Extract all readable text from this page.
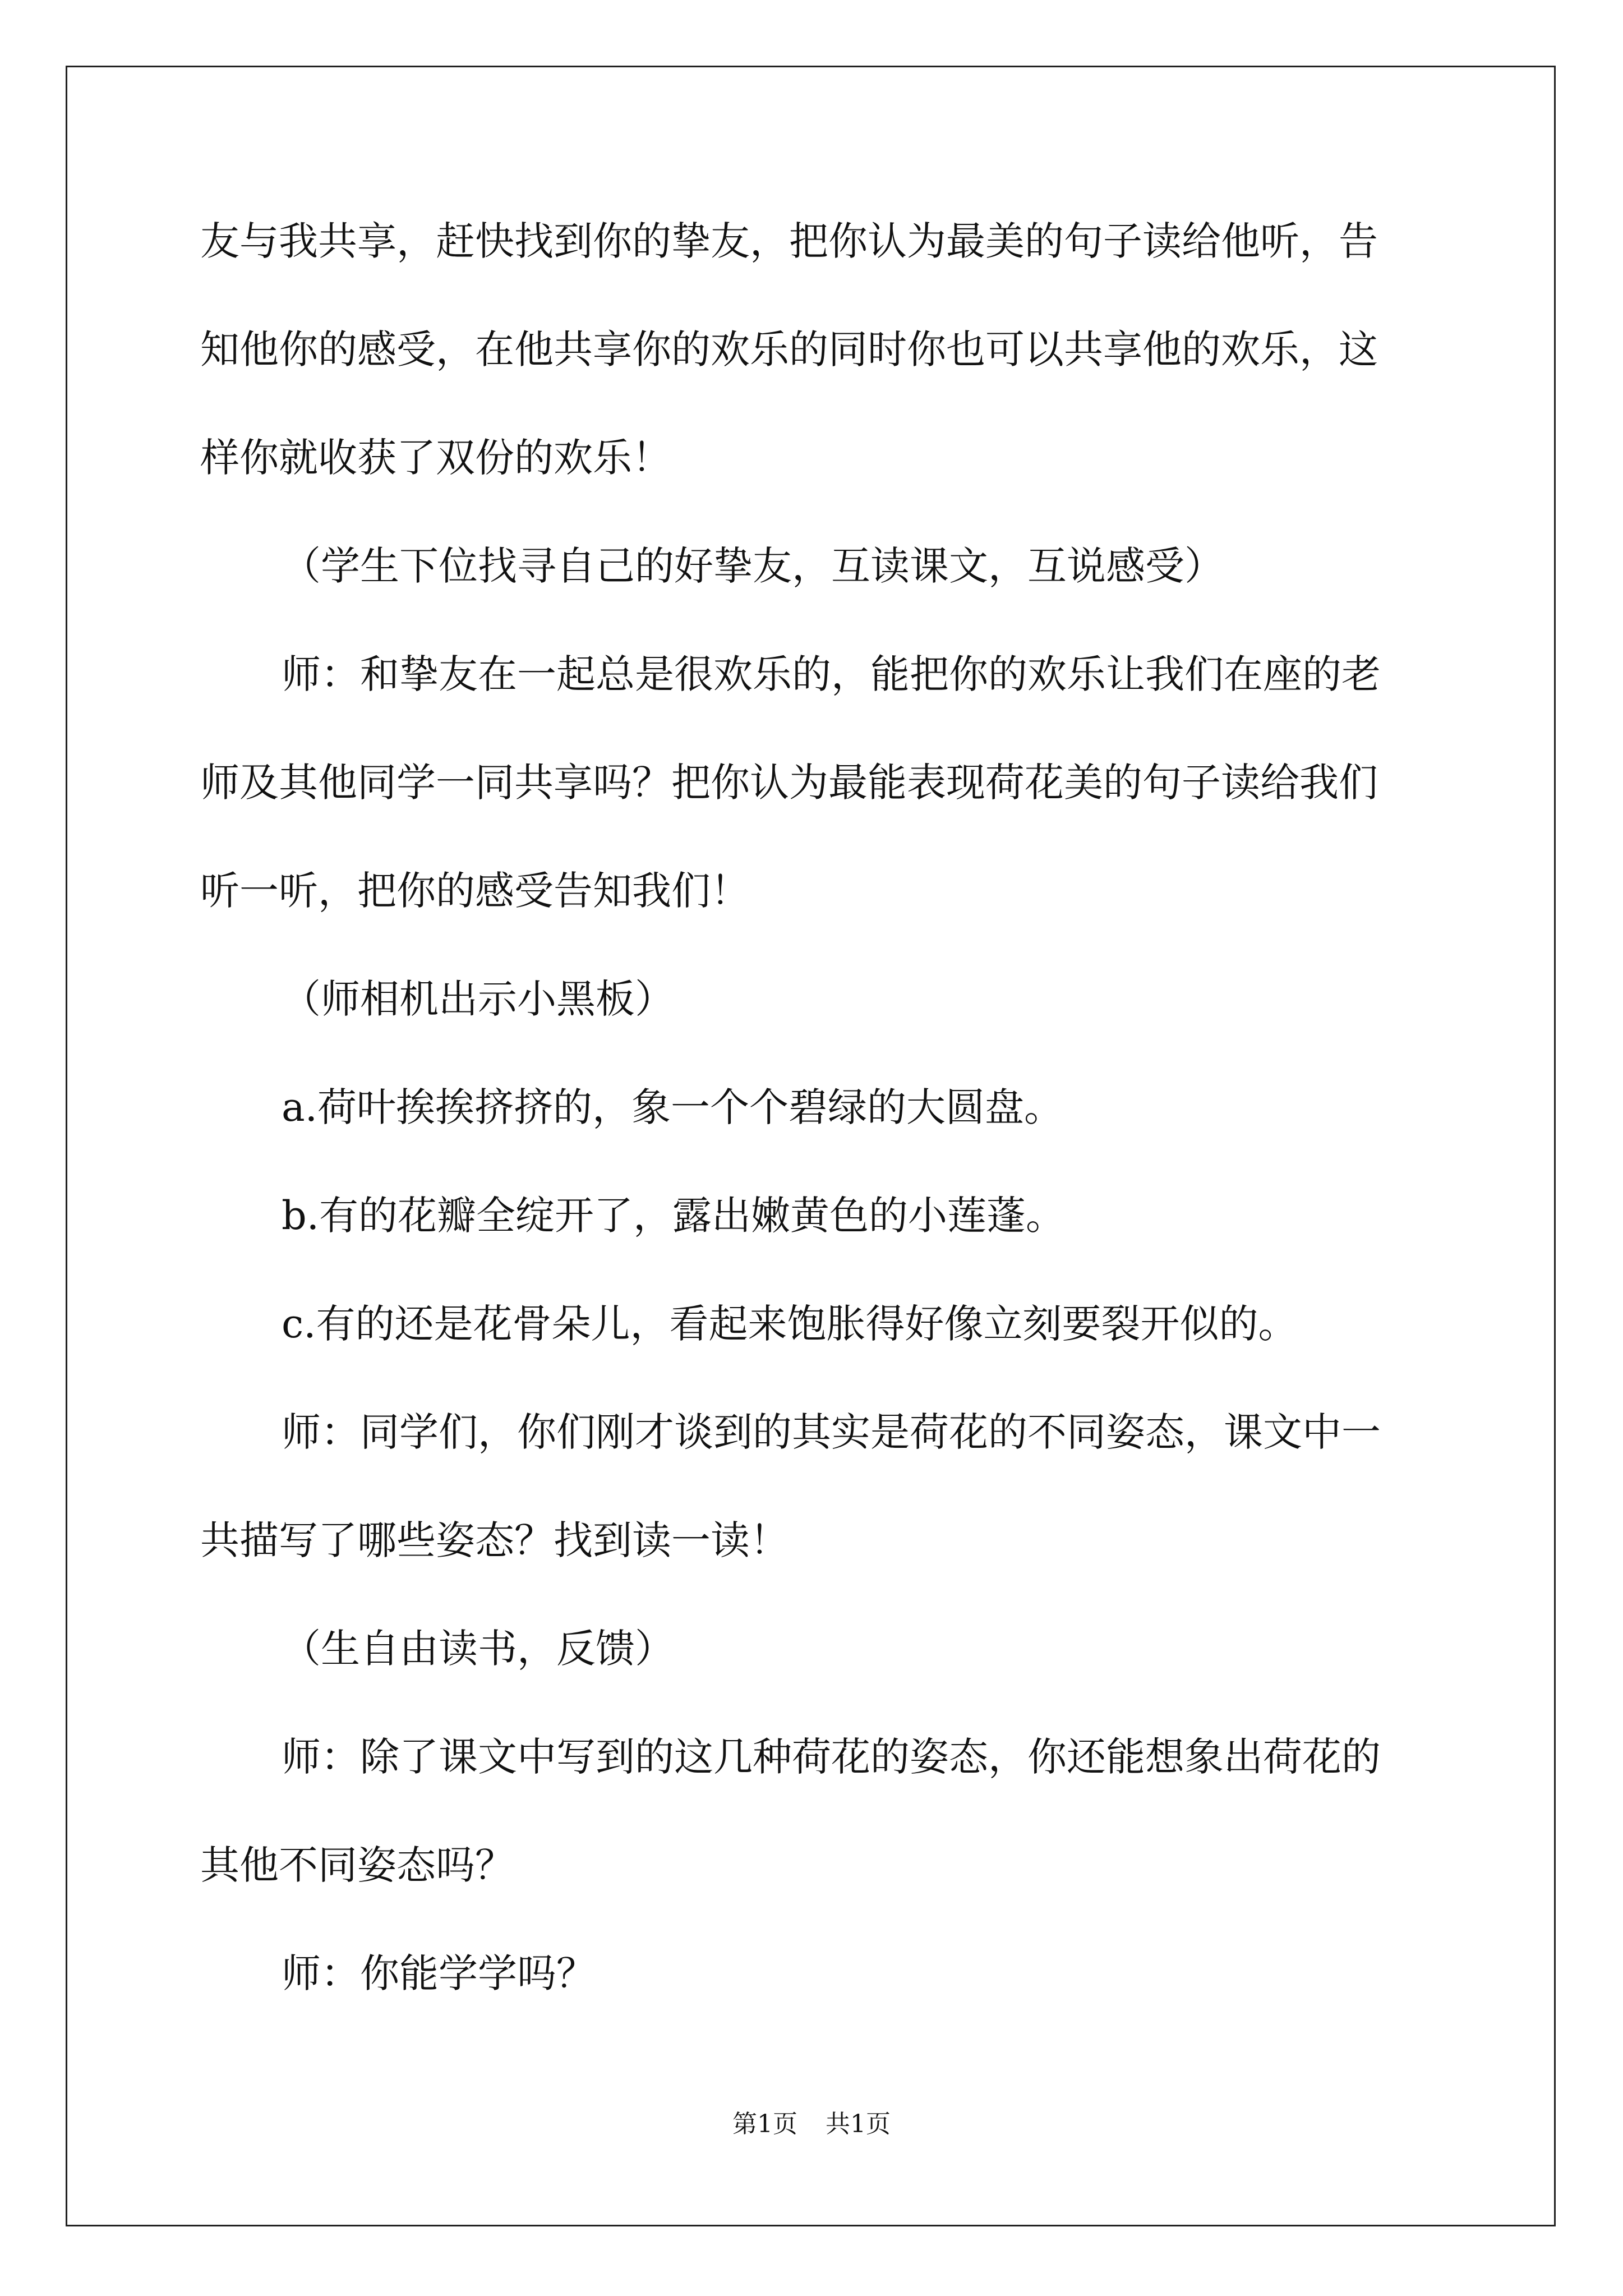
友与我共享，赶快找到你的挚友，把你认为最美的句子读给他听，告
知他你的感受，在他共享你的欢乐的同时你也可以共享他的欢乐，这
样你就收获了双份的欢乐！
（学生下位找寻自己的好挚友，互读课文，互说感受）
师：和挚友在一起总是很欢乐的，能把你的欢乐让我们在座的老
师及其他同学一同共享吗？把你认为最能表现荷花美的句子读给我们
听一听，把你的感受告知我们！
（师相机出示小黑板）
a.荷叶挨挨挤挤的，象一个个碧绿的大圆盘。
b.有的花瓣全绽开了，露出嫩黄色的小莲蓬。
c.有的还是花骨朵儿，看起来饱胀得好像立刻要裂开似的。
师：同学们，你们刚才谈到的其实是荷花的不同姿态，课文中一
共描写了哪些姿态？找到读一读！
（生自由读书，反馈）
师：除了课文中写到的这几种荷花的姿态，你还能想象出荷花的
其他不同姿态吗？
师：你能学学吗？
第1页 共1页
